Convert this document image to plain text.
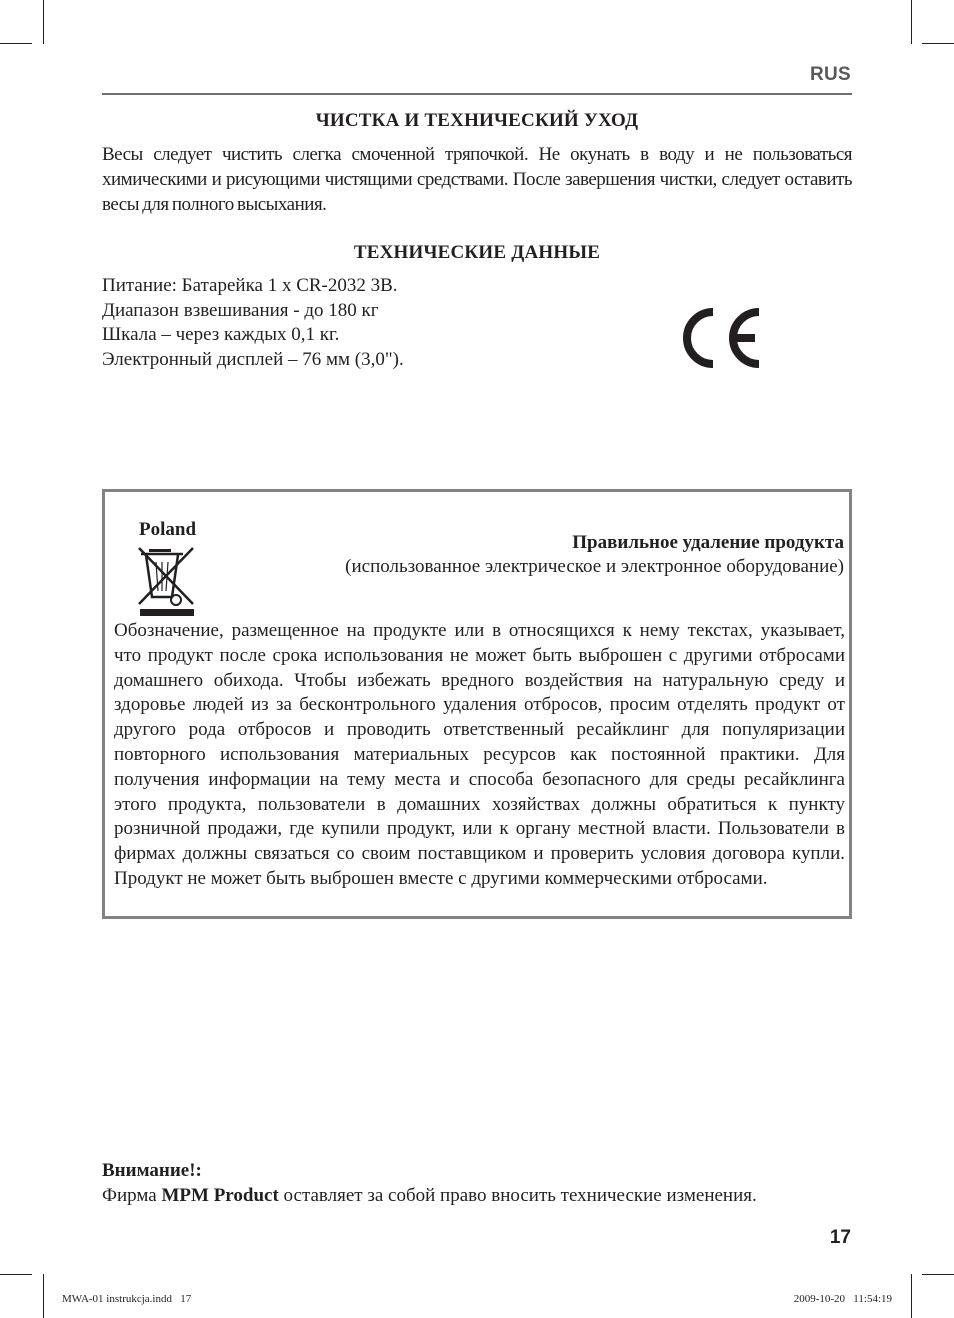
RUS
ЧИСТКА И ТЕХНИЧЕСКИЙ УХОД

Весы следует чистить слегка смоченной тряпочкой. Не окунать в воду и не пользоваться химическими и рисующими чистящими средствами. После завершения чистки, следует оставить весы для полного высыхания.

ТЕХНИЧЕСКИЕ ДАННЫЕ
Питание: Батарейка 1 x CR-2032 3В.
Диапазон взвешивания - до 180 кг
Шкала – через каждых 0,1 кг.
Электронный дисплей – 76 мм (3,0").
Poland
Правильное удаление продукта
(использованное электрическое и электронное оборудование)

Обозначение, размещенное на продукте или в относящихся к нему текстах, указывает, что продукт после срока использования не может быть выброшен с другими отбросами домашнего обихода. Чтобы избежать вредного воздействия на натуральную среду и здоровье людей из за бесконтрольного удаления отбросов, просим отделять продукт от другого рода отбросов и проводить ответственный ресайклинг для популяризации повторного использования материальных ресурсов как постоянной практики. Для получения информации на тему места и способа безопасного для среды ресайклинга этого продукта, пользователи в домашних хозяйствах должны обратиться к пункту розничной продажи, где купили продукт, или к органу местной власти. Пользователи в фирмах должны связаться со своим поставщиком и проверить условия договора купли. Продукт не может быть выброшен вместе с другими коммерческими отбросами.

Внимание!:
Фирма MPM Product оставляет за собой право вносить технические изменения.
17
MWA-01 instrukcja.indd   17	2009-10-20   11:54:19
